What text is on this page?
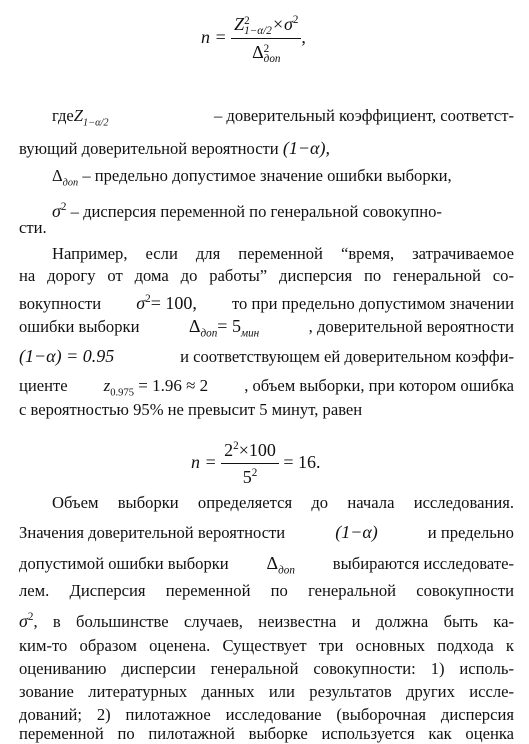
n = Z 2
$1-\alpha/2 \times\sigma^2$
Δ 2
доп ,
где $Z_{1-\alpha/2}$	– доверительный коэффициент, соответст-
вующий доверительной вероятности (1−α),
$\Delta_{доп}$ – предельно допустимое значение ошибки выборки,
$\sigma^2$ – дисперсия переменной по генеральной совокупно-
сти.
Например, если для переменной “время, затрачиваемое
на дорогу от дома до работы” дисперсия по генеральной со-
вокупности $\sigma^2= 100$, то при предельно допустимом значении
ошибки выборки	$\Delta_{доп}= 5_{мин}$	, доверительной вероятности
(1−α) = 0.95	и соответствующем ей доверительном коэффи-
циенте $z_{0.975} = 1.96 \approx 2$ , объем выборки, при котором ошибка
с вероятностью 95% не превысит 5 минут, равен
$n = \frac{2^2\times 100}{5^2} = 16$.
Объем выборки определяется до начала исследования.
Значения доверительной вероятности	(1−α)	и предельно
допустимой ошибки выборки $\Delta_{доп}$ выбираются исследовате-
лем. Дисперсия переменной по генеральной совокупности
$\sigma^2$ , в большинстве случаев, неизвестна и должна быть ка-
ким-то образом оценена. Существует три основных подхода к
оцениванию дисперсии генеральной совокупности: 1) исполь-
зование литературных данных или результатов других иссле-
дований; 2) пилотажное исследование (выборочная дисперсия
переменной по пилотажной выборке используется как оценка
